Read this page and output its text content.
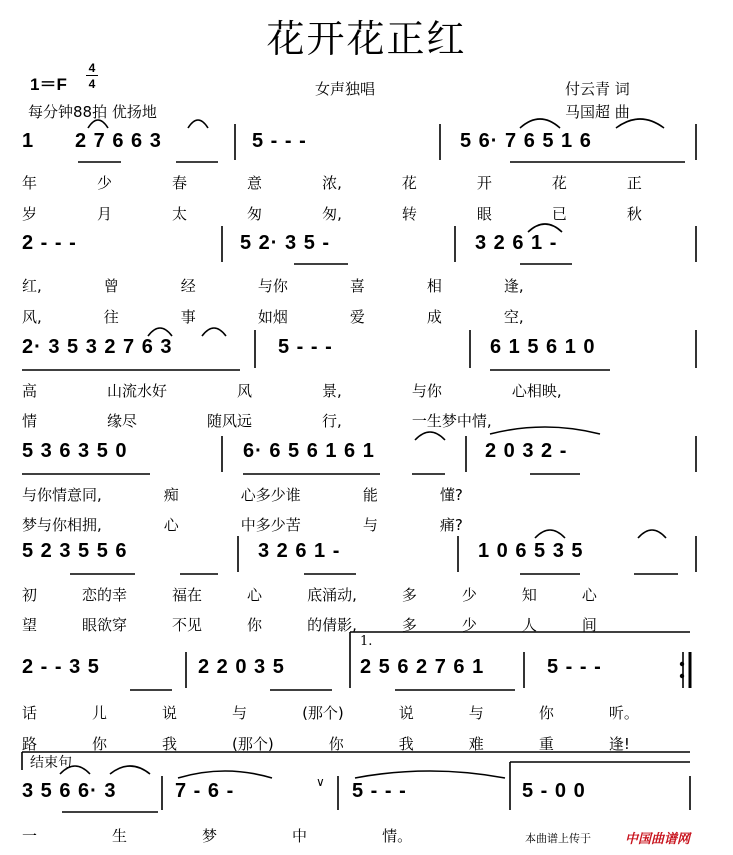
花开花正红
1＝F
4
4
每分钟88拍 优扬地
女声独唱	付云青 词
马国超 曲
∨
1.
结束句
1 2 7 6 6 3	5 - - -	5 6· 7 6 5 1 6
年	少	春	意	浓,	花	开	花	正
岁	月	太	匆	匆,	转	眼	已	秋
2 - - -	5 2· 3 5 -	3 2 6 1 -
红,	曾	经	与你	喜	相	逢,
风,	往	事	如烟	爱	成	空,
2· 3 5 3 2 7 6 3	5 - - -	6 1 5 6 1 0
高	山流水好	风	景,	与你	心相映,
情	缘尽	随风远	行,	一生梦中情,
5 3 6 3 5 0	6· 6 5 6 1 6 1	2 0 3 2 -
与你情意同,	痴	心多少谁	能	懂?
梦与你相拥,	心	中多少苦	与	痛?
5 2 3 5 5 6	3 2 6 1 -	1 0 6 5 3 5
初	恋的幸	福在	心	底涌动,	多	少	知	心
望	眼欲穿	不见	你	的倩影,	多	少	人	间
2 - - 3 5	2 2 0 3 5	2 5 6 2 7 6 1	5 - - -
话	儿	说	与	(那个)	说	与	你	听。
路	你	我	(那个)	你	我	难	重	逢!
3 5 6 6· 3	7 - 6 -	5 - - -	5 - 0 0
一	生	梦	中	情。	本曲谱上传于	中国曲谱网
